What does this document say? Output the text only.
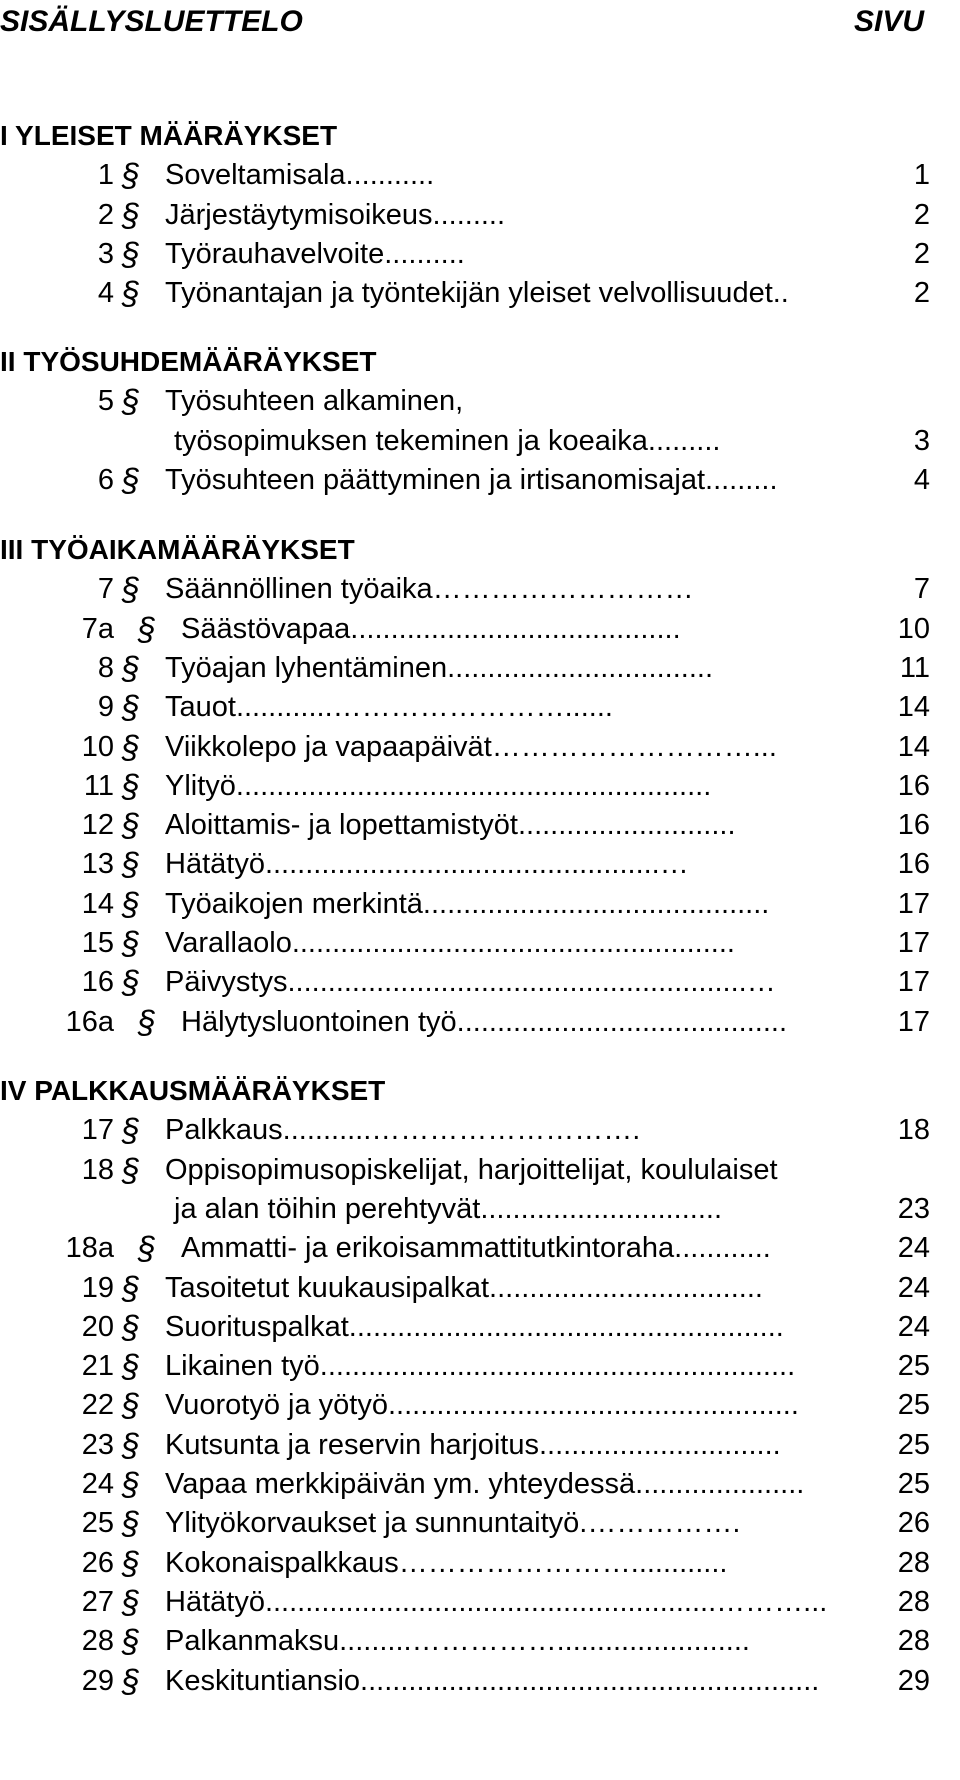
SISÄLLYSLUETTELO	SIVU
I YLEISET MÄÄRÄYKSET
1 § Soveltamisala...........	1
2 § Järjestäytymisoikeus.........	2
3 § Työrauhavelvoite..........	2
4 § Työnantajan ja työntekijän yleiset velvollisuudet..	2
II TYÖSUHDEMÄÄRÄYKSET
5 § Työsuhteen alkaminen,
työsopimuksen tekeminen ja koeaika.........	3
6 § Työsuhteen päättyminen ja irtisanomisajat.........	4
III TYÖAIKAMÄÄRÄYKSET
7 § Säännöllinen työaika………………………	7
7a § Säästövapaa.........................................	10
8 § Työajan lyhentäminen.................................	11
9 § Tauot............……………………......	14
10 § Viikkolepo ja vapaapäivät………………………...	14
11 § Ylityö...........................................................	16
12 § Aloittamis- ja lopettamistyöt...........................	16
13 § Hätätyö.................................................…	16
14 § Työaikojen merkintä...........................................	17
15 § Varallaolo.......................................................	17
16 § Päivystys.........................................................…	17
16a § Hälytysluontoinen työ.........................................	17
IV PALKKAUSMÄÄRÄYKSET
17 § Palkkaus...........……………………….	18
18 § Oppisopimusopiskelijat, harjoittelijat, koululaiset
ja alan töihin perehtyvät..............................	23
18a § Ammatti- ja erikoisammattitutkintoraha............	24
19 § Tasoitetut kuukausipalkat..................................	24
20 § Suorituspalkat......................................................	24
21 § Likainen työ...........................................................	25
22 § Vuorotyö ja yötyö...................................................	25
23 § Kutsunta ja reservin harjoitus..............................	25
24 § Vapaa merkkipäivän ym. yhteydessä.....................	25
25 § Ylityökorvaukset ja sunnuntaityö.…………….	26
26 § Kokonaispalkkaus……………………............	28
27 § Hätätyö........................................................………...	28
28 § Palkanmaksu.........……………........................	28
29 § Keskituntiansio.........................................................	29
